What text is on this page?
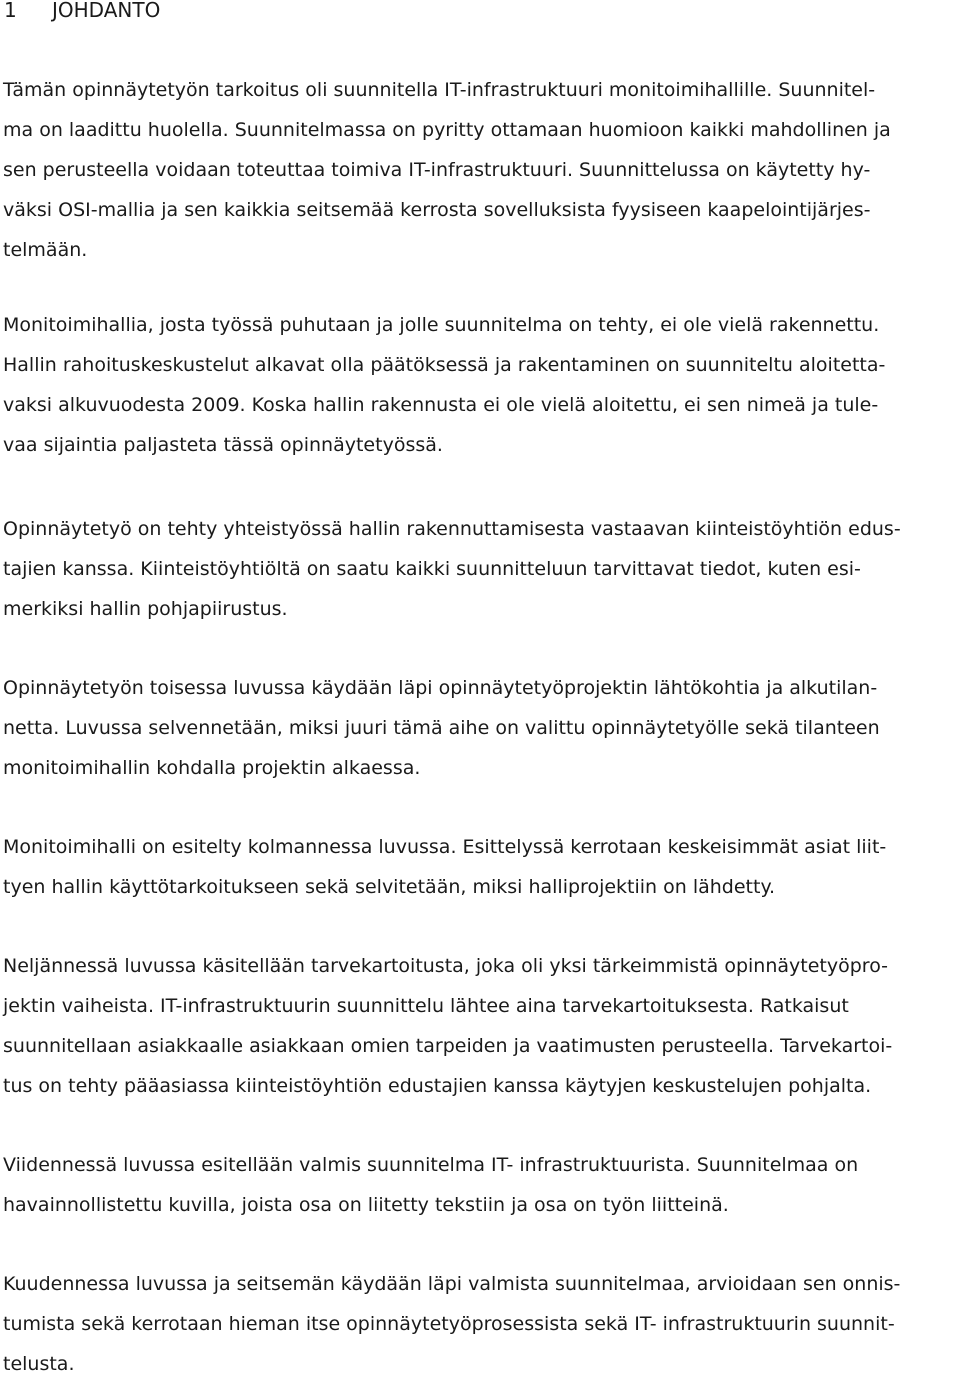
1 JOHDANTO
Tämän opinnäytetyön tarkoitus oli suunnitella IT-infrastruktuuri monitoimihallille. Suunnitel-
ma on laadittu huolella. Suunnitelmassa on pyritty ottamaan huomioon kaikki mahdollinen ja
sen perusteella voidaan toteuttaa toimiva IT-infrastruktuuri. Suunnittelussa on käytetty hy-
väksi OSI-mallia ja sen kaikkia seitsemää kerrosta sovelluksista fyysiseen kaapelointijärjes-
telmään.
Monitoimihallia, josta työssä puhutaan ja jolle suunnitelma on tehty, ei ole vielä rakennettu.
Hallin rahoituskeskustelut alkavat olla päätöksessä ja rakentaminen on suunniteltu aloitetta-
vaksi alkuvuodesta 2009. Koska hallin rakennusta ei ole vielä aloitettu, ei sen nimeä ja tule-
vaa sijaintia paljasteta tässä opinnäytetyössä.
Opinnäytetyö on tehty yhteistyössä hallin rakennuttamisesta vastaavan kiinteistöyhtiön edus-
tajien kanssa. Kiinteistöyhtiöltä on saatu kaikki suunnitteluun tarvittavat tiedot, kuten esi-
merkiksi hallin pohjapiirustus.
Opinnäytetyön toisessa luvussa käydään läpi opinnäytetyöprojektin lähtökohtia ja alkutilan-
netta. Luvussa selvennetään, miksi juuri tämä aihe on valittu opinnäytetyölle sekä tilanteen
monitoimihallin kohdalla projektin alkaessa.
Monitoimihalli on esitelty kolmannessa luvussa. Esittelyssä kerrotaan keskeisimmät asiat liit-
tyen hallin käyttötarkoitukseen sekä selvitetään, miksi halliprojektiin on lähdetty.
Neljännessä luvussa käsitellään tarvekartoitusta, joka oli yksi tärkeimmistä opinnäytetyöpro-
jektin vaiheista. IT-infrastruktuurin suunnittelu lähtee aina tarvekartoituksesta. Ratkaisut
suunnitellaan asiakkaalle asiakkaan omien tarpeiden ja vaatimusten perusteella. Tarvekartoi-
tus on tehty pääasiassa kiinteistöyhtiön edustajien kanssa käytyjen keskustelujen pohjalta.
Viidennessä luvussa esitellään valmis suunnitelma IT- infrastruktuurista. Suunnitelmaa on
havainnollistettu kuvilla, joista osa on liitetty tekstiin ja osa on työn liitteinä.
Kuudennessa luvussa ja seitsemän käydään läpi valmista suunnitelmaa, arvioidaan sen onnis-
tumista sekä kerrotaan hieman itse opinnäytetyöprosessista sekä IT- infrastruktuurin suunnit-
telusta.
